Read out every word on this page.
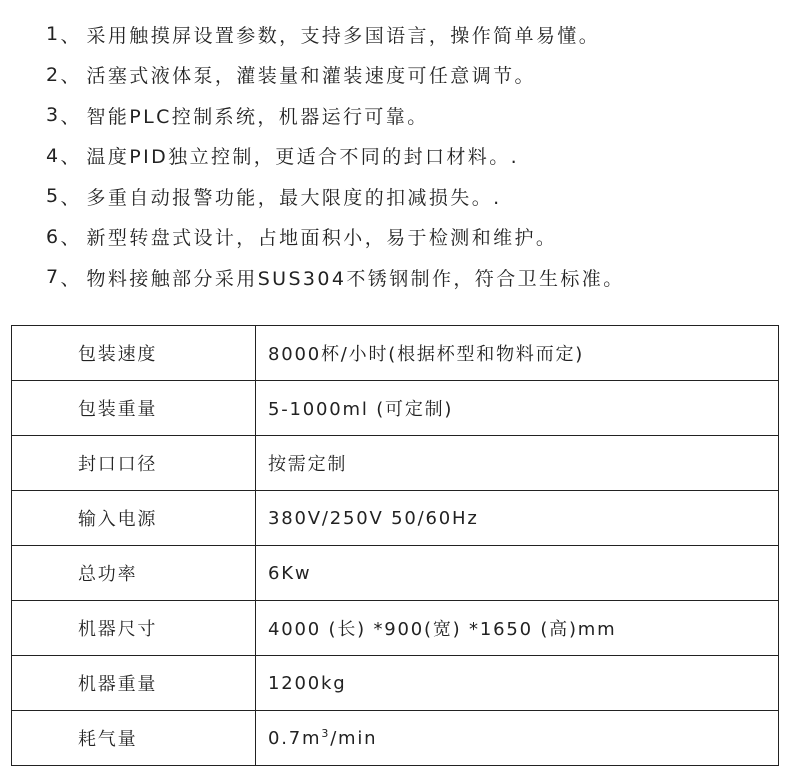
1 、 采用触摸屏设置参数，支持多国语言，操作简单易懂。
2 、 活塞式液体泵，灌装量和灌装速度可任意调节。
3 、 智能PLC控制系统，机器运行可靠。
4 、 温度PID独立控制，更适合不同的封口材料。.
5 、 多重自动报警功能，最大限度的扣减损失。.
6 、 新型转盘式设计，占地面积小，易于检测和维护。
7 、 物料接触部分采用SUS304不锈钢制作，符合卫生标准。
包装速度	8000杯/小时(根据杯型和物料而定)
包装重量	5-1000ml (可定制)
封口口径	按需定制
输入电源	380V/250V 50/60Hz
总功率	6Kw
机器尺寸	4000 (长) *900(宽) *1650 (高)mm
机器重量	1200kg
耗气量	$0.7m^3/\min$
